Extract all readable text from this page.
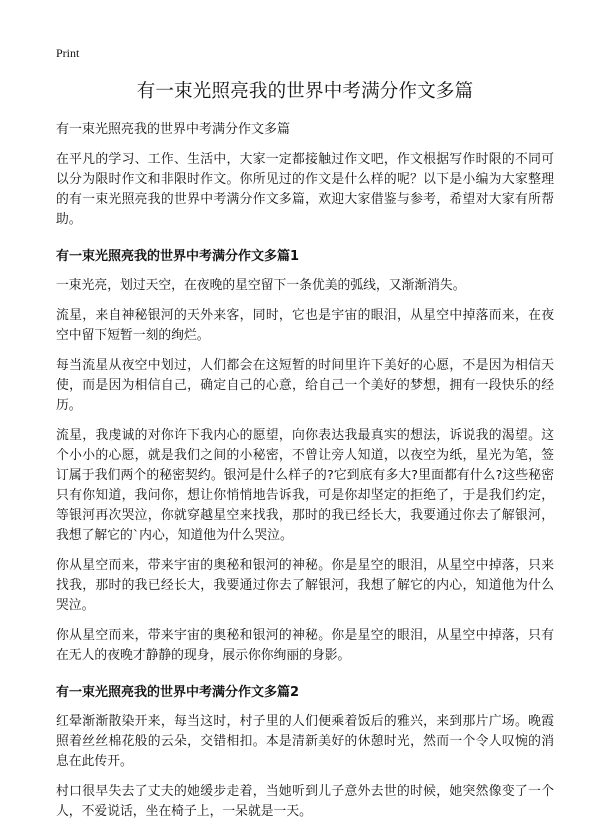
Print
有一束光照亮我的世界中考满分作文多篇

有一束光照亮我的世界中考满分作文多篇

在平凡的学习、工作、生活中，大家一定都接触过作文吧，作文根据写作时限的不同可以分为限时作文和非限时作文。你所见过的作文是什么样的呢？以下是小编为大家整理的有一束光照亮我的世界中考满分作文多篇，欢迎大家借鉴与参考，希望对大家有所帮助。

有一束光照亮我的世界中考满分作文多篇1

一束光亮，划过天空，在夜晚的星空留下一条优美的弧线，又渐渐消失。

流星，来自神秘银河的天外来客，同时，它也是宇宙的眼泪，从星空中掉落而来，在夜空中留下短暂一刻的绚烂。

每当流星从夜空中划过，人们都会在这短暂的时间里许下美好的心愿，不是因为相信天使，而是因为相信自己，确定自己的心意，给自己一个美好的梦想，拥有一段快乐的经历。

流星，我虔诚的对你许下我内心的愿望，向你表达我最真实的想法，诉说我的渴望。这个小小的心愿，就是我们之间的小秘密，不曾让旁人知道，以夜空为纸，星光为笔，签订属于我们两个的秘密契约。银河是什么样子的?它到底有多大?里面都有什么?这些秘密只有你知道，我问你，想让你悄悄地告诉我，可是你却坚定的拒绝了，于是我们约定，等银河再次哭泣，你就穿越星空来找我，那时的我已经长大，我要通过你去了解银河，我想了解它的`内心，知道他为什么哭泣。

你从星空而来，带来宇宙的奥秘和银河的神秘。你是星空的眼泪，从星空中掉落，只来找我，那时的我已经长大，我要通过你去了解银河，我想了解它的内心，知道他为什么哭泣。

你从星空而来，带来宇宙的奥秘和银河的神秘。你是星空的眼泪，从星空中掉落，只有在无人的夜晚才静静的现身，展示你你绚丽的身影。

有一束光照亮我的世界中考满分作文多篇2

红晕渐渐散染开来，每当这时，村子里的人们便乘着饭后的雅兴，来到那片广场。晚霞照着丝丝棉花般的云朵，交错相扣。本是清新美好的休憩时光，然而一个令人叹惋的消息在此传开。

村口很早失去了丈夫的她缓步走着，当她听到儿子意外去世的时候，她突然像变了一个人，不爱说话，坐在椅子上，一呆就是一天。
